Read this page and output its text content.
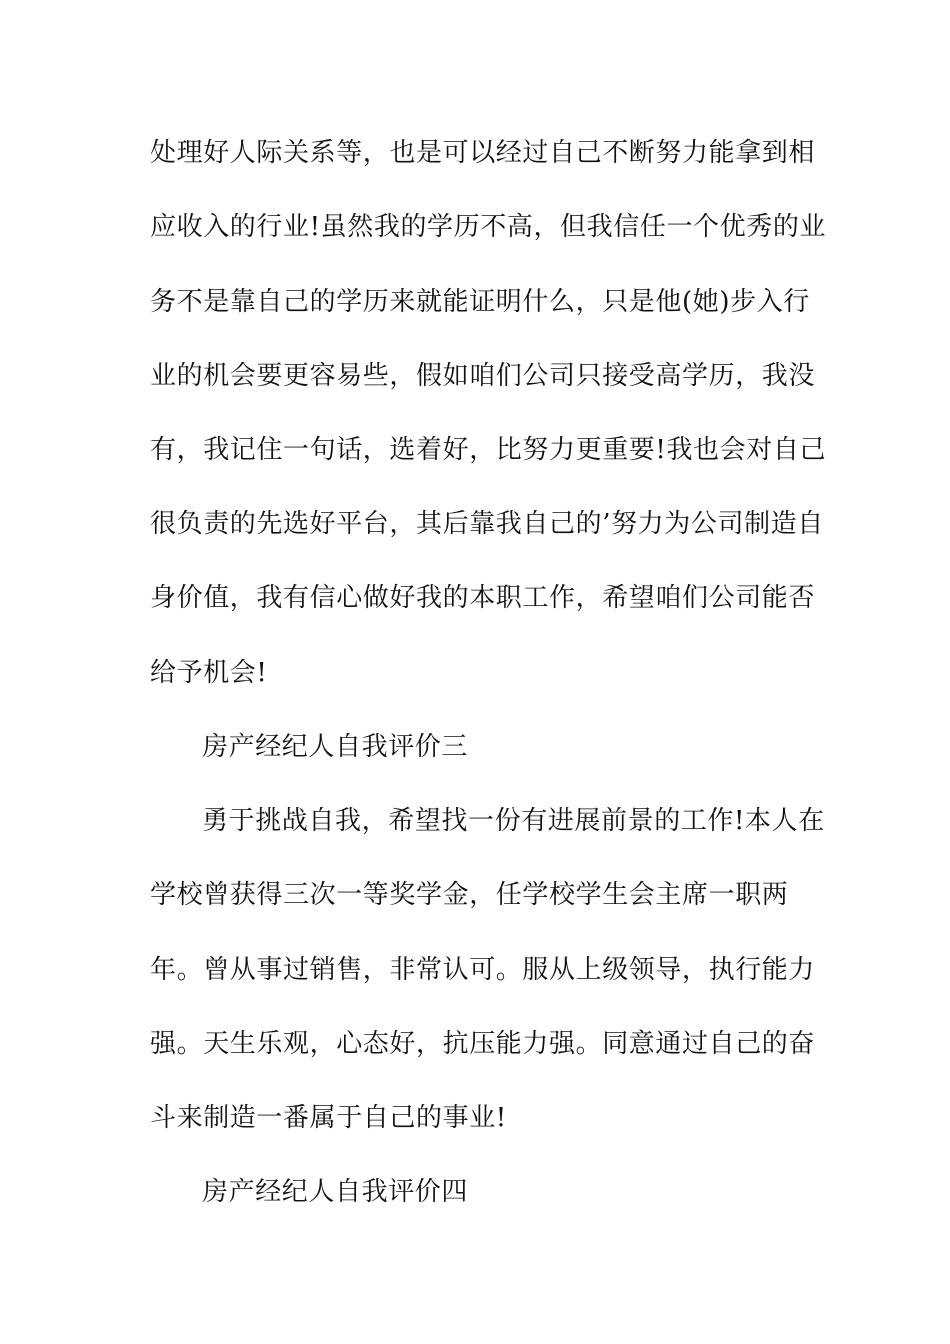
处理好人际关系等，也是可以经过自己不断努力能拿到相
应收入的行业!虽然我的学历不高，但我信任一个优秀的业
务不是靠自己的学历来就能证明什么，只是他(她)步入行
业的机会要更容易些，假如咱们公司只接受高学历，我没
有，我记住一句话，选着好，比努力更重要!我也会对自己
很负责的先选好平台，其后靠我自己的’努力为公司制造自
身价值，我有信心做好我的本职工作，希望咱们公司能否
给予机会!
房产经纪人自我评价三
勇于挑战自我，希望找一份有进展前景的工作!本人在
学校曾获得三次一等奖学金，任学校学生会主席一职两
年。曾从事过销售，非常认可。服从上级领导，执行能力
强。天生乐观，心态好，抗压能力强。同意通过自己的奋
斗来制造一番属于自己的事业!
房产经纪人自我评价四
